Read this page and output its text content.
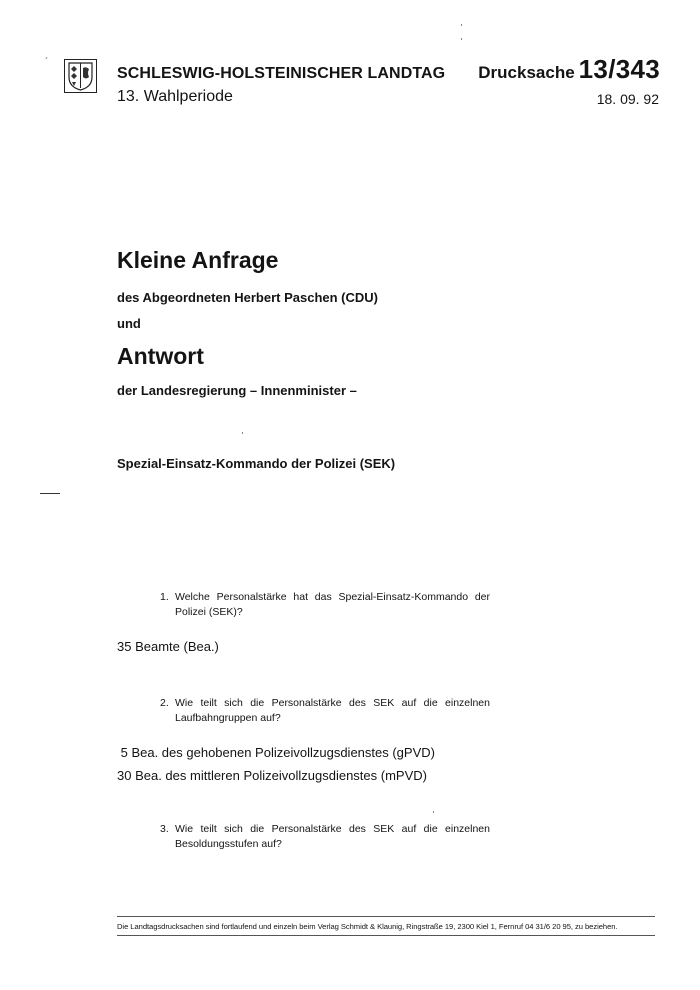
SCHLESWIG-HOLSTEINISCHER LANDTAG
13. Wahlperiode
Drucksache 13/343
18. 09. 92
Kleine Anfrage
des Abgeordneten Herbert Paschen (CDU)
und
Antwort
der Landesregierung – Innenminister –
Spezial-Einsatz-Kommando der Polizei (SEK)
1. Welche Personalstärke hat das Spezial-Einsatz-Kommando der Polizei (SEK)?
35 Beamte (Bea.)
2. Wie teilt sich die Personalstärke des SEK auf die einzelnen Laufbahngruppen auf?
5 Bea. des gehobenen Polizeivollzugsdienstes (gPVD)
30 Bea. des mittleren Polizeivollzugsdienstes (mPVD)
3. Wie teilt sich die Personalstärke des SEK auf die einzelnen Besoldungsstufen auf?
Die Landtagsdrucksachen sind fortlaufend und einzeln beim Verlag Schmidt & Klaunig, Ringstraße 19, 2300 Kiel 1, Fernruf 04 31/6 20 95, zu beziehen.
